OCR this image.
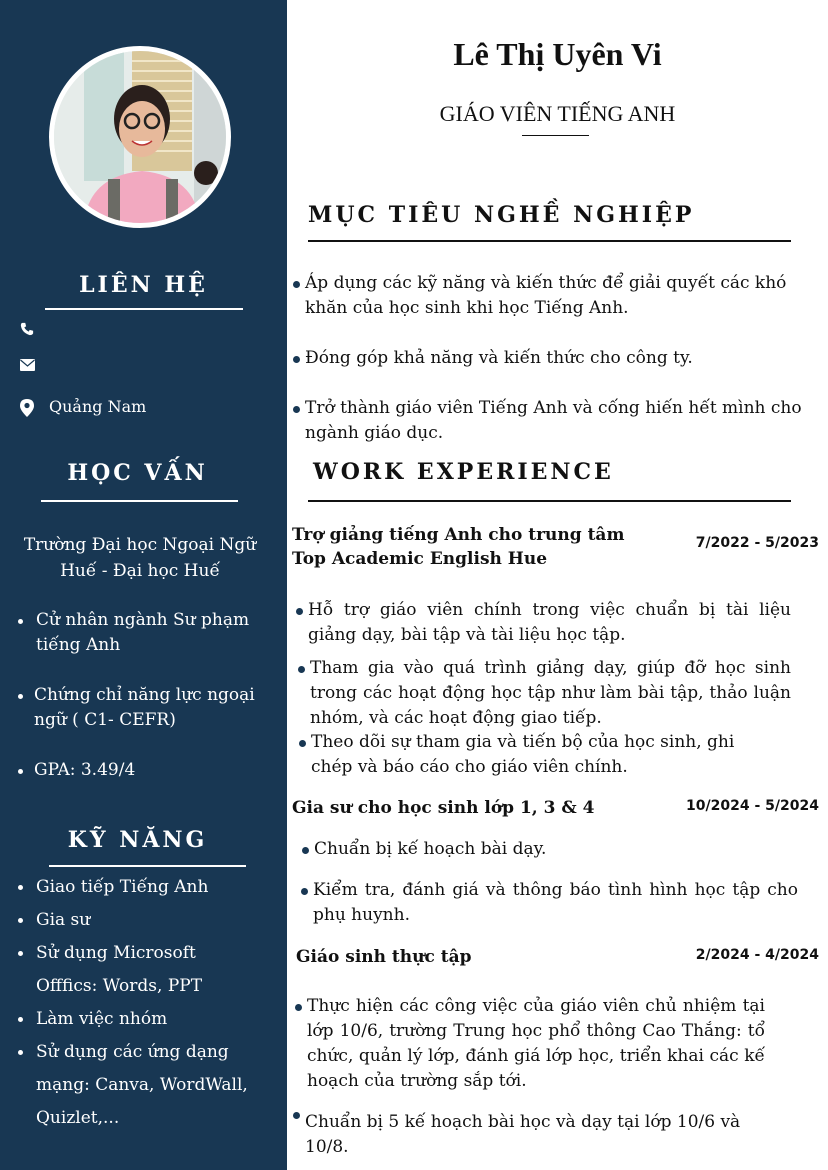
LIÊN HỆ
Quảng Nam
HỌC VẤN
Trường Đại học Ngoại Ngữ Huế - Đại học Huế
Cử nhân ngành Sư phạm tiếng Anh
Chứng chỉ năng lực ngoại ngữ ( C1- CEFR)
GPA: 3.49/4
KỸ NĂNG
Giao tiếp Tiếng Anh
Gia sư
Sử dụng Microsoft Offfics: Words, PPT
Làm việc nhóm
Sử dụng các ứng dạng mạng: Canva, WordWall, Quizlet,...
Lê Thị Uyên Vi
GIÁO VIÊN TIẾNG ANH
MỤC TIÊU NGHỀ NGHIỆP
Áp dụng các kỹ năng và kiến thức để giải quyết các khó khăn của học sinh khi học Tiếng Anh.
Đóng góp khả năng và kiến thức cho công ty.
Trở thành giáo viên Tiếng Anh và cống hiến hết mình cho ngành giáo dục.
WORK EXPERIENCE
Trợ giảng tiếng Anh cho trung tâm Top Academic English Hue
7/2022 - 5/2023
Hỗ trợ giáo viên chính trong việc chuẩn bị tài liệu giảng dạy, bài tập và tài liệu học tập.
Tham gia vào quá trình giảng dạy, giúp đỡ học sinh trong các hoạt động học tập như làm bài tập, thảo luận nhóm, và các hoạt động giao tiếp.
Theo dõi sự tham gia và tiến bộ của học sinh, ghi chép và báo cáo cho giáo viên chính.
Gia sư cho học sinh lớp 1, 3 & 4	10/2024 - 5/2024
Chuẩn bị kế hoạch bài dạy.
Kiểm tra, đánh giá và thông báo tình hình học tập cho phụ huynh.
Giáo sinh thực tập	2/2024 - 4/2024
Thực hiện các công việc của giáo viên chủ nhiệm tại lớp 10/6, trường Trung học phổ thông Cao Thắng: tổ chức, quản lý lớp, đánh giá lớp học, triển khai các kế hoạch của trường sắp tới.
Chuẩn bị 5 kế hoạch bài học và dạy tại lớp 10/6 và 10/8.
